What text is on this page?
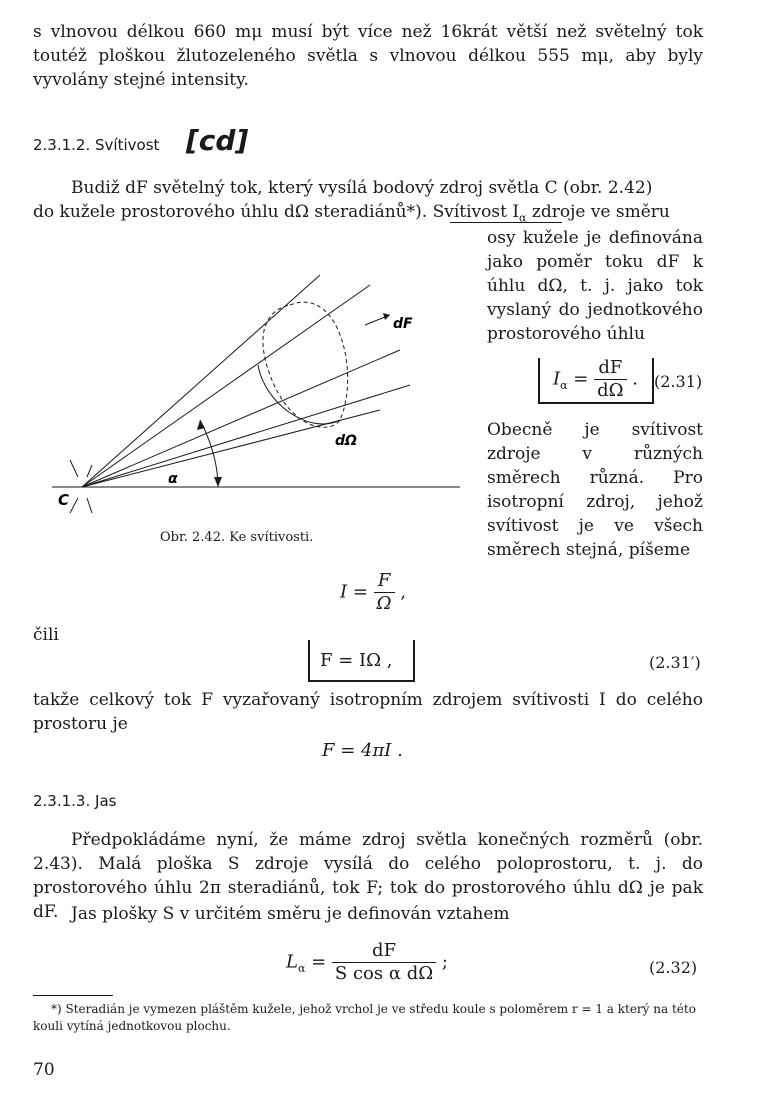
s vlnovou délkou 660 mμ musí být více než 16krát větší než světelný tok toutéž ploškou žlutozeleného světla s vlnovou délkou 555 mμ, aby byly vyvolány stejné intensity.
2.3.1.2. Svítivost [cd]
Budiž dF světelný tok, který vysílá bodový zdroj světla C (obr. 2.42)
do kužele prostorového úhlu dΩ steradiánů*). Svítivost $I_\alpha$ zdroje ve směru
osy kužele je definována jako poměr toku dF k úhlu dΩ, t. j. jako tok vyslaný do jednotkového prostorového úhlu
$I_\alpha = \frac{dF}{d\Omega}$ . (2.31)
Obecně je svítivost zdroje v různých směrech různá. Pro isotropní zdroj, jehož svítivost je ve všech směrech stejná, píšeme
dF
dΩ
α
C
Obr. 2.42. Ke svítivosti.
$I = \frac{F}{\Omega}$ ,
čili
F = IΩ ,	(2.31′)
takže celkový tok F vyzařovaný isotropním zdrojem svítivosti I do celého prostoru je
F = 4πI .
2.3.1.3. Jas
Předpokládáme nyní, že máme zdroj světla konečných rozměrů (obr. 2.43). Malá ploška S zdroje vysílá do celého poloprostoru, t. j. do prostorového úhlu 2π steradiánů, tok F; tok do prostorového úhlu dΩ je pak dF. Jas plošky S v určitém směru je definován vztahem
$L_\alpha = \frac{dF}{\text{S cos α dΩ}}$ ;	(2.32)
*) Steradián je vymezen pláštěm kužele, jehož vrchol je ve středu koule s poloměrem r = 1 a který na této kouli vytíná jednotkovou plochu.
70
